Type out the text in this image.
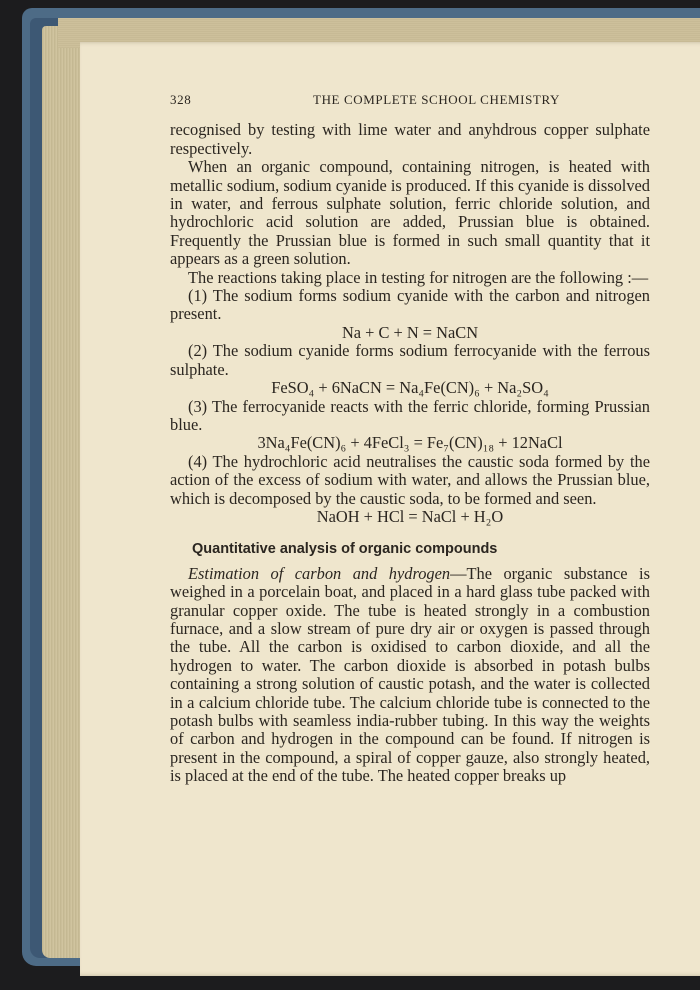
328	THE COMPLETE SCHOOL CHEMISTRY

recognised by testing with lime water and anyhdrous copper sulphate respectively.

When an organic compound, containing nitrogen, is heated with metallic sodium, sodium cyanide is produced. If this cyanide is dissolved in water, and ferrous sulphate solution, ferric chloride solution, and hydrochloric acid solution are added, Prussian blue is obtained. Frequently the Prussian blue is formed in such small quantity that it appears as a green solution.

The reactions taking place in testing for nitrogen are the following :—

(1) The sodium forms sodium cyanide with the carbon and nitrogen present.

Na + C + N = NaCN

(2) The sodium cyanide forms sodium ferrocyanide with the ferrous sulphate.

FeSO₄ + 6NaCN = Na₄Fe(CN)₆ + Na₂SO₄

(3) The ferrocyanide reacts with the ferric chloride, forming Prussian blue.

3Na₄Fe(CN)₆ + 4FeCl₃ = Fe₇(CN)₁₈ + 12NaCl

(4) The hydrochloric acid neutralises the caustic soda formed by the action of the excess of sodium with water, and allows the Prussian blue, which is decomposed by the caustic soda, to be formed and seen.

NaOH + HCl = NaCl + H₂O

Quantitative analysis of organic compounds

Estimation of carbon and hydrogen—The organic substance is weighed in a porcelain boat, and placed in a hard glass tube packed with granular copper oxide. The tube is heated strongly in a combustion furnace, and a slow stream of pure dry air or oxygen is passed through the tube. All the carbon is oxidised to carbon dioxide, and all the hydrogen to water. The carbon dioxide is absorbed in potash bulbs containing a strong solution of caustic potash, and the water is collected in a calcium chloride tube. The calcium chloride tube is connected to the potash bulbs with seamless india-rubber tubing. In this way the weights of carbon and hydrogen in the compound can be found. If nitrogen is present in the compound, a spiral of copper gauze, also strongly heated, is placed at the end of the tube. The heated copper breaks up
